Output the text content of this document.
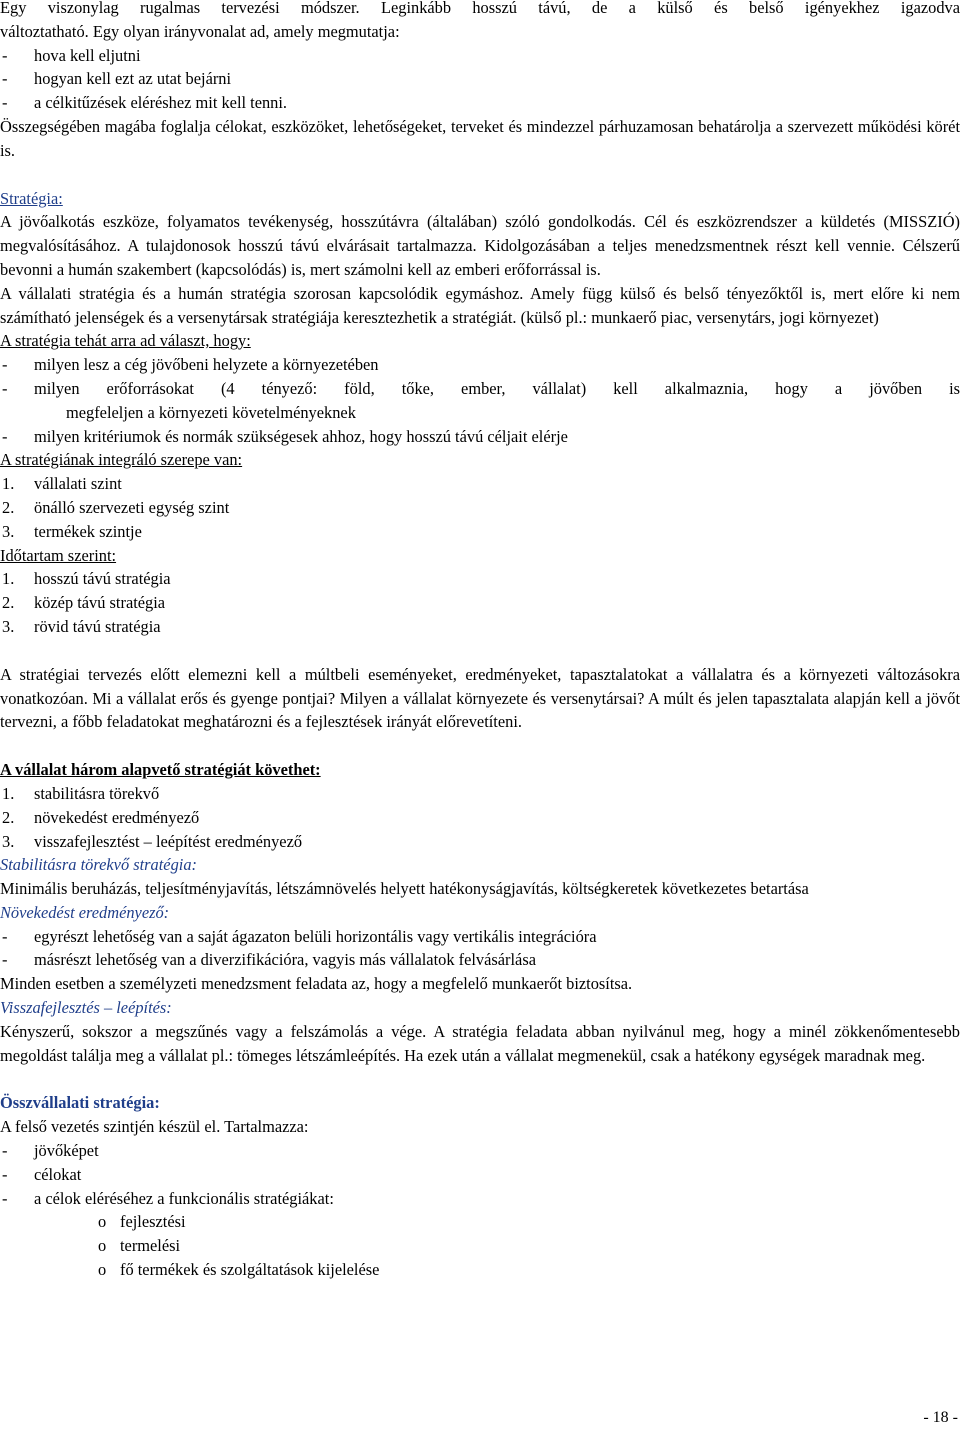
Egy viszonylag rugalmas tervezési módszer. Leginkább hosszú távú, de a külső és belső igényekhez igazodva

változtatható. Egy olyan irányvonalat ad, amely megmutatja:

-	hova kell eljutni
-	hogyan kell ezt az utat bejárni
-	a célkitűzések eléréshez mit kell tenni.

Összegségében magába foglalja célokat, eszközöket, lehetőségeket, terveket és mindezzel párhuzamosan behatárolja a szervezett működési körét is.

Stratégia:

A jövőalkotás eszköze, folyamatos tevékenység, hosszútávra (általában) szóló gondolkodás. Cél és eszközrendszer a küldetés (MISSZIÓ) megvalósításához. A tulajdonosok hosszú távú elvárásait tartalmazza. Kidolgozásában a teljes menedzsmentnek részt kell vennie. Célszerű bevonni a humán szakembert (kapcsolódás) is, mert számolni kell az emberi erőforrással is.

A vállalati stratégia és a humán stratégia szorosan kapcsolódik egymáshoz. Amely függ külső és belső tényezőktől is, mert előre ki nem számítható jelenségek és a versenytársak stratégiája keresztezhetik a stratégiát. (külső pl.: munkaerő piac, versenytárs, jogi környezet)

A stratégia tehát arra ad választ, hogy:

-	milyen lesz a cég jövőbeni helyzete a környezetében
-	milyen erőforrásokat (4 tényező: föld, tőke, ember, vállalat) kell alkalmaznia, hogy a jövőben is

megfeleljen a környezeti követelményeknek

-	milyen kritériumok és normák szükségesek ahhoz, hogy hosszú távú céljait elérje

A stratégiának integráló szerepe van:

1.	vállalati szint
2.	önálló szervezeti egység szint
3.	termékek szintje

Időtartam szerint:

1.	hosszú távú stratégia
2.	közép távú stratégia
3.	rövid távú stratégia

A stratégiai tervezés előtt elemezni kell a múltbeli eseményeket, eredményeket, tapasztalatokat a vállalatra és a környezeti változásokra vonatkozóan. Mi a vállalat erős és gyenge pontjai? Milyen a vállalat környezete és versenytársai? A múlt és jelen tapasztalata alapján kell a jövőt tervezni, a főbb feladatokat meghatározni és a fejlesztések irányát előrevetíteni.

A vállalat három alapvető stratégiát követhet:

1.	stabilitásra törekvő
2.	növekedést eredményező
3.	visszafejlesztést – leépítést eredményező

Stabilitásra törekvő stratégia:

Minimális beruházás, teljesítményjavítás, létszámnövelés helyett hatékonyságjavítás, költségkeretek következetes betartása

Növekedést eredményező:

-	egyrészt lehetőség van a saját ágazaton belüli horizontális vagy vertikális integrációra
-	másrészt lehetőség van a diverzifikációra, vagyis más vállalatok felvásárlása

Minden esetben a személyzeti menedzsment feladata az, hogy a megfelelő munkaerőt biztosítsa.

Visszafejlesztés – leépítés:

Kényszerű, sokszor a megszűnés vagy a felszámolás a vége. A stratégia feladata abban nyilvánul meg, hogy a minél zökkenőmentesebb megoldást találja meg a vállalat pl.: tömeges létszámleépítés. Ha ezek után a vállalat megmenekül, csak a hatékony egységek maradnak meg.

Összvállalati stratégia:

A felső vezetés szintjén készül el. Tartalmazza:

-	jövőképet
-	célokat
-	a célok eléréséhez a funkcionális stratégiákat:
o fejlesztési
o termelési
o fő termékek és szolgáltatások kijelelése
- 18 -
